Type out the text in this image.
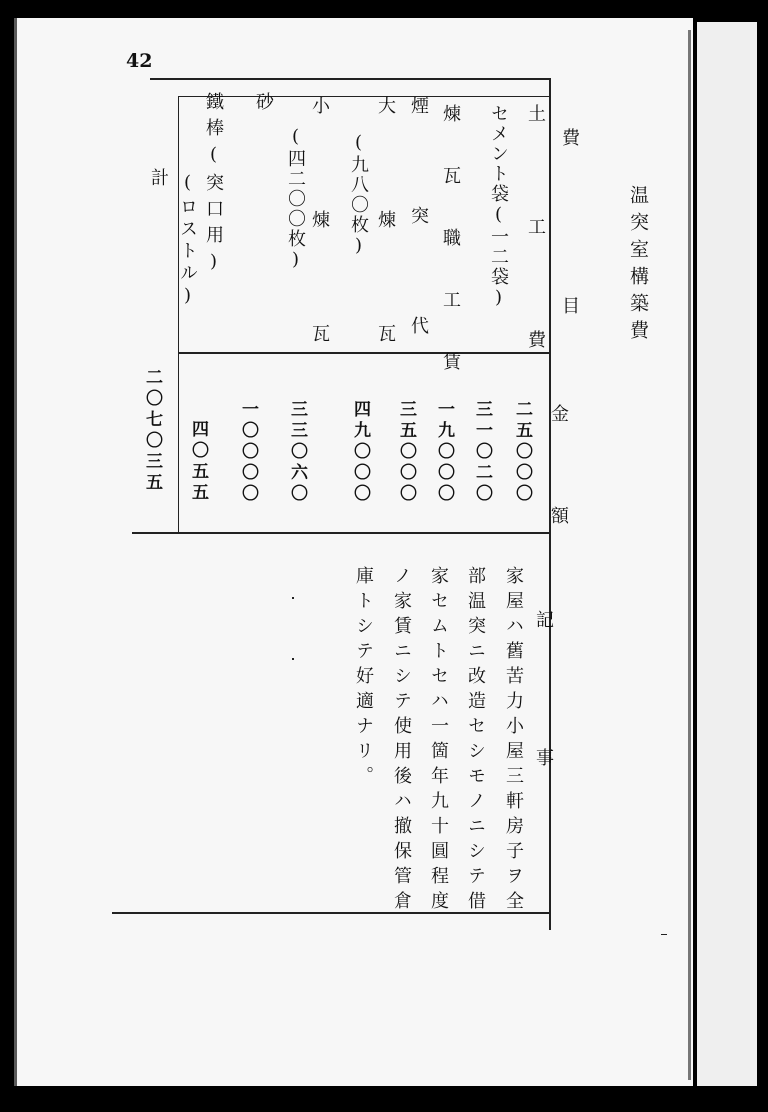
42
温突室構築費
費目
金額
記事
土工費
セメント袋(一二袋)
煉瓦職工賃
煙突代
大煉瓦
(九八〇枚)
小煉瓦
(四二〇〇枚)
砂
鐵棒(突口用)
(ロストル)
計
二五〇〇〇
三一〇二〇
一九〇〇〇
三五〇〇〇
四九〇〇〇
三三〇六〇
一〇〇〇〇
四〇五五
二〇七〇三五
家屋ハ舊苦力小屋三軒房子ヲ全
部温突ニ改造セシモノニシテ借
家セムトセハ一箇年九十圓程度
ノ家賃ニシテ使用後ハ撤保管倉
庫トシテ好適ナリ。
